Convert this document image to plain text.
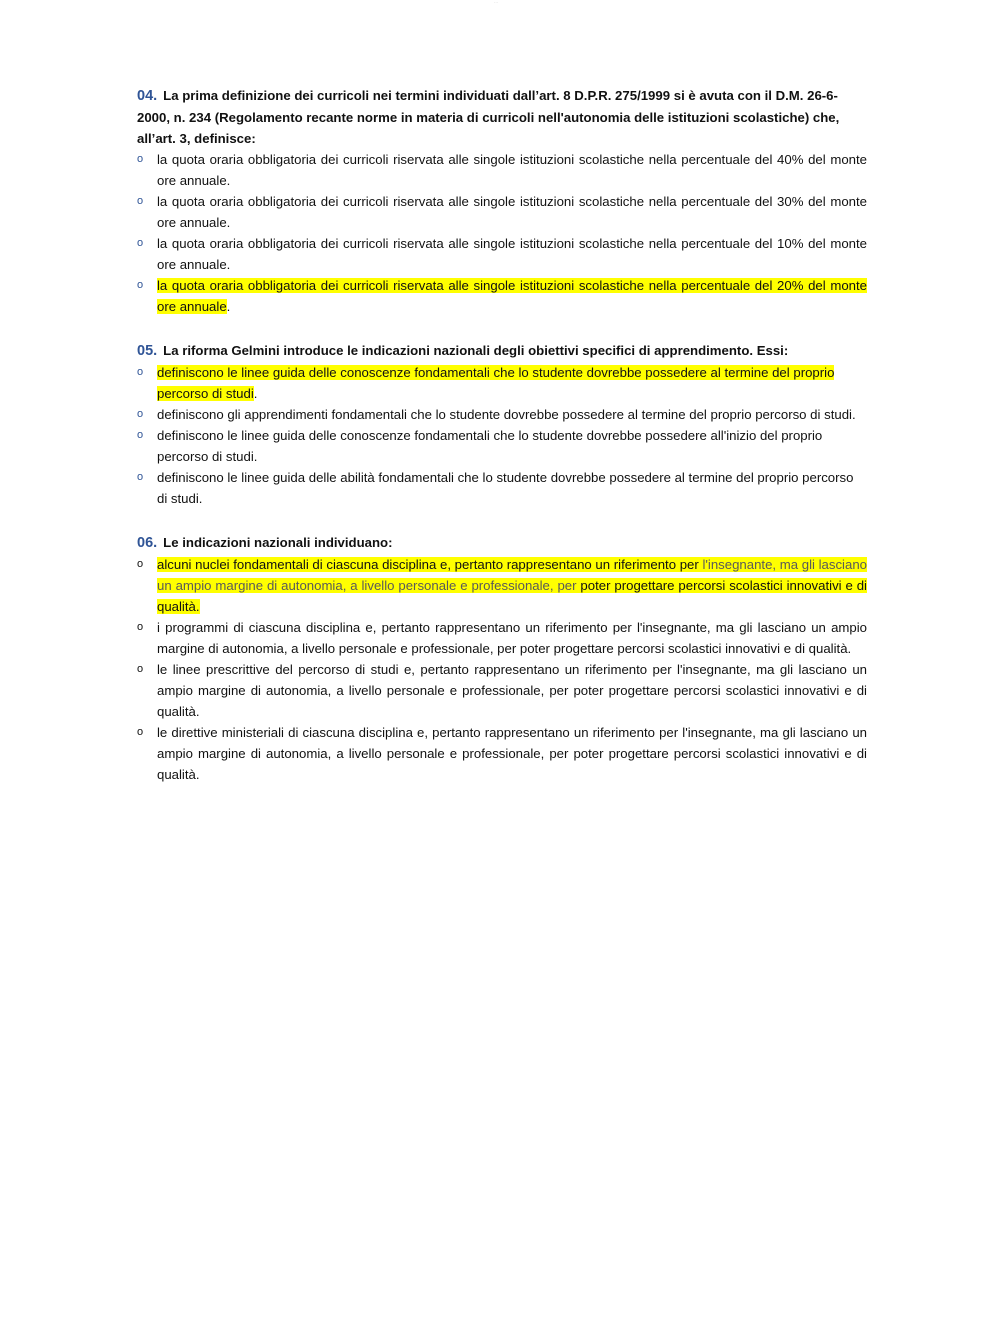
···
04. La prima definizione dei curricoli nei termini individuati dall’art. 8 D.P.R. 275/1999 si è avuta con il D.M. 26-6-2000, n. 234 (Regolamento recante norme in materia di curricoli nell'autonomia delle istituzioni scolastiche) che, all’art. 3, definisce:
o	la quota oraria obbligatoria dei curricoli riservata alle singole istituzioni scolastiche nella percentuale del 40% del monte ore annuale.
o	la quota oraria obbligatoria dei curricoli riservata alle singole istituzioni scolastiche nella percentuale del 30% del monte ore annuale.
o	la quota oraria obbligatoria dei curricoli riservata alle singole istituzioni scolastiche nella percentuale del 10% del monte ore annuale.
o	la quota oraria obbligatoria dei curricoli riservata alle singole istituzioni scolastiche nella percentuale del 20% del monte ore annuale.
05. La riforma Gelmini introduce le indicazioni nazionali degli obiettivi specifici di apprendimento. Essi:
o	definiscono le linee guida delle conoscenze fondamentali che lo studente dovrebbe possedere al termine del proprio percorso di studi.
o	definiscono gli apprendimenti fondamentali che lo studente dovrebbe possedere al termine del proprio percorso di studi.
o	definiscono le linee guida delle conoscenze fondamentali che lo studente dovrebbe possedere all'inizio del proprio percorso di studi.
o	definiscono le linee guida delle abilità fondamentali che lo studente dovrebbe possedere al termine del proprio percorso di studi.
06. Le indicazioni nazionali individuano:
o	alcuni nuclei fondamentali di ciascuna disciplina e, pertanto rappresentano un riferimento per l'insegnante, ma gli lasciano un ampio margine di autonomia, a livello personale e professionale, per poter progettare percorsi scolastici innovativi e di qualità.
o	i programmi di ciascuna disciplina e, pertanto rappresentano un riferimento per l'insegnante, ma gli lasciano un ampio margine di autonomia, a livello personale e professionale, per poter progettare percorsi scolastici innovativi e di qualità.
o	le linee prescrittive del percorso di studi e, pertanto rappresentano un riferimento per l'insegnante, ma gli lasciano un ampio margine di autonomia, a livello personale e professionale, per poter progettare percorsi scolastici innovativi e di qualità.
o	le direttive ministeriali di ciascuna disciplina e, pertanto rappresentano un riferimento per l'insegnante, ma gli lasciano un ampio margine di autonomia, a livello personale e professionale, per poter progettare percorsi scolastici innovativi e di qualità.
